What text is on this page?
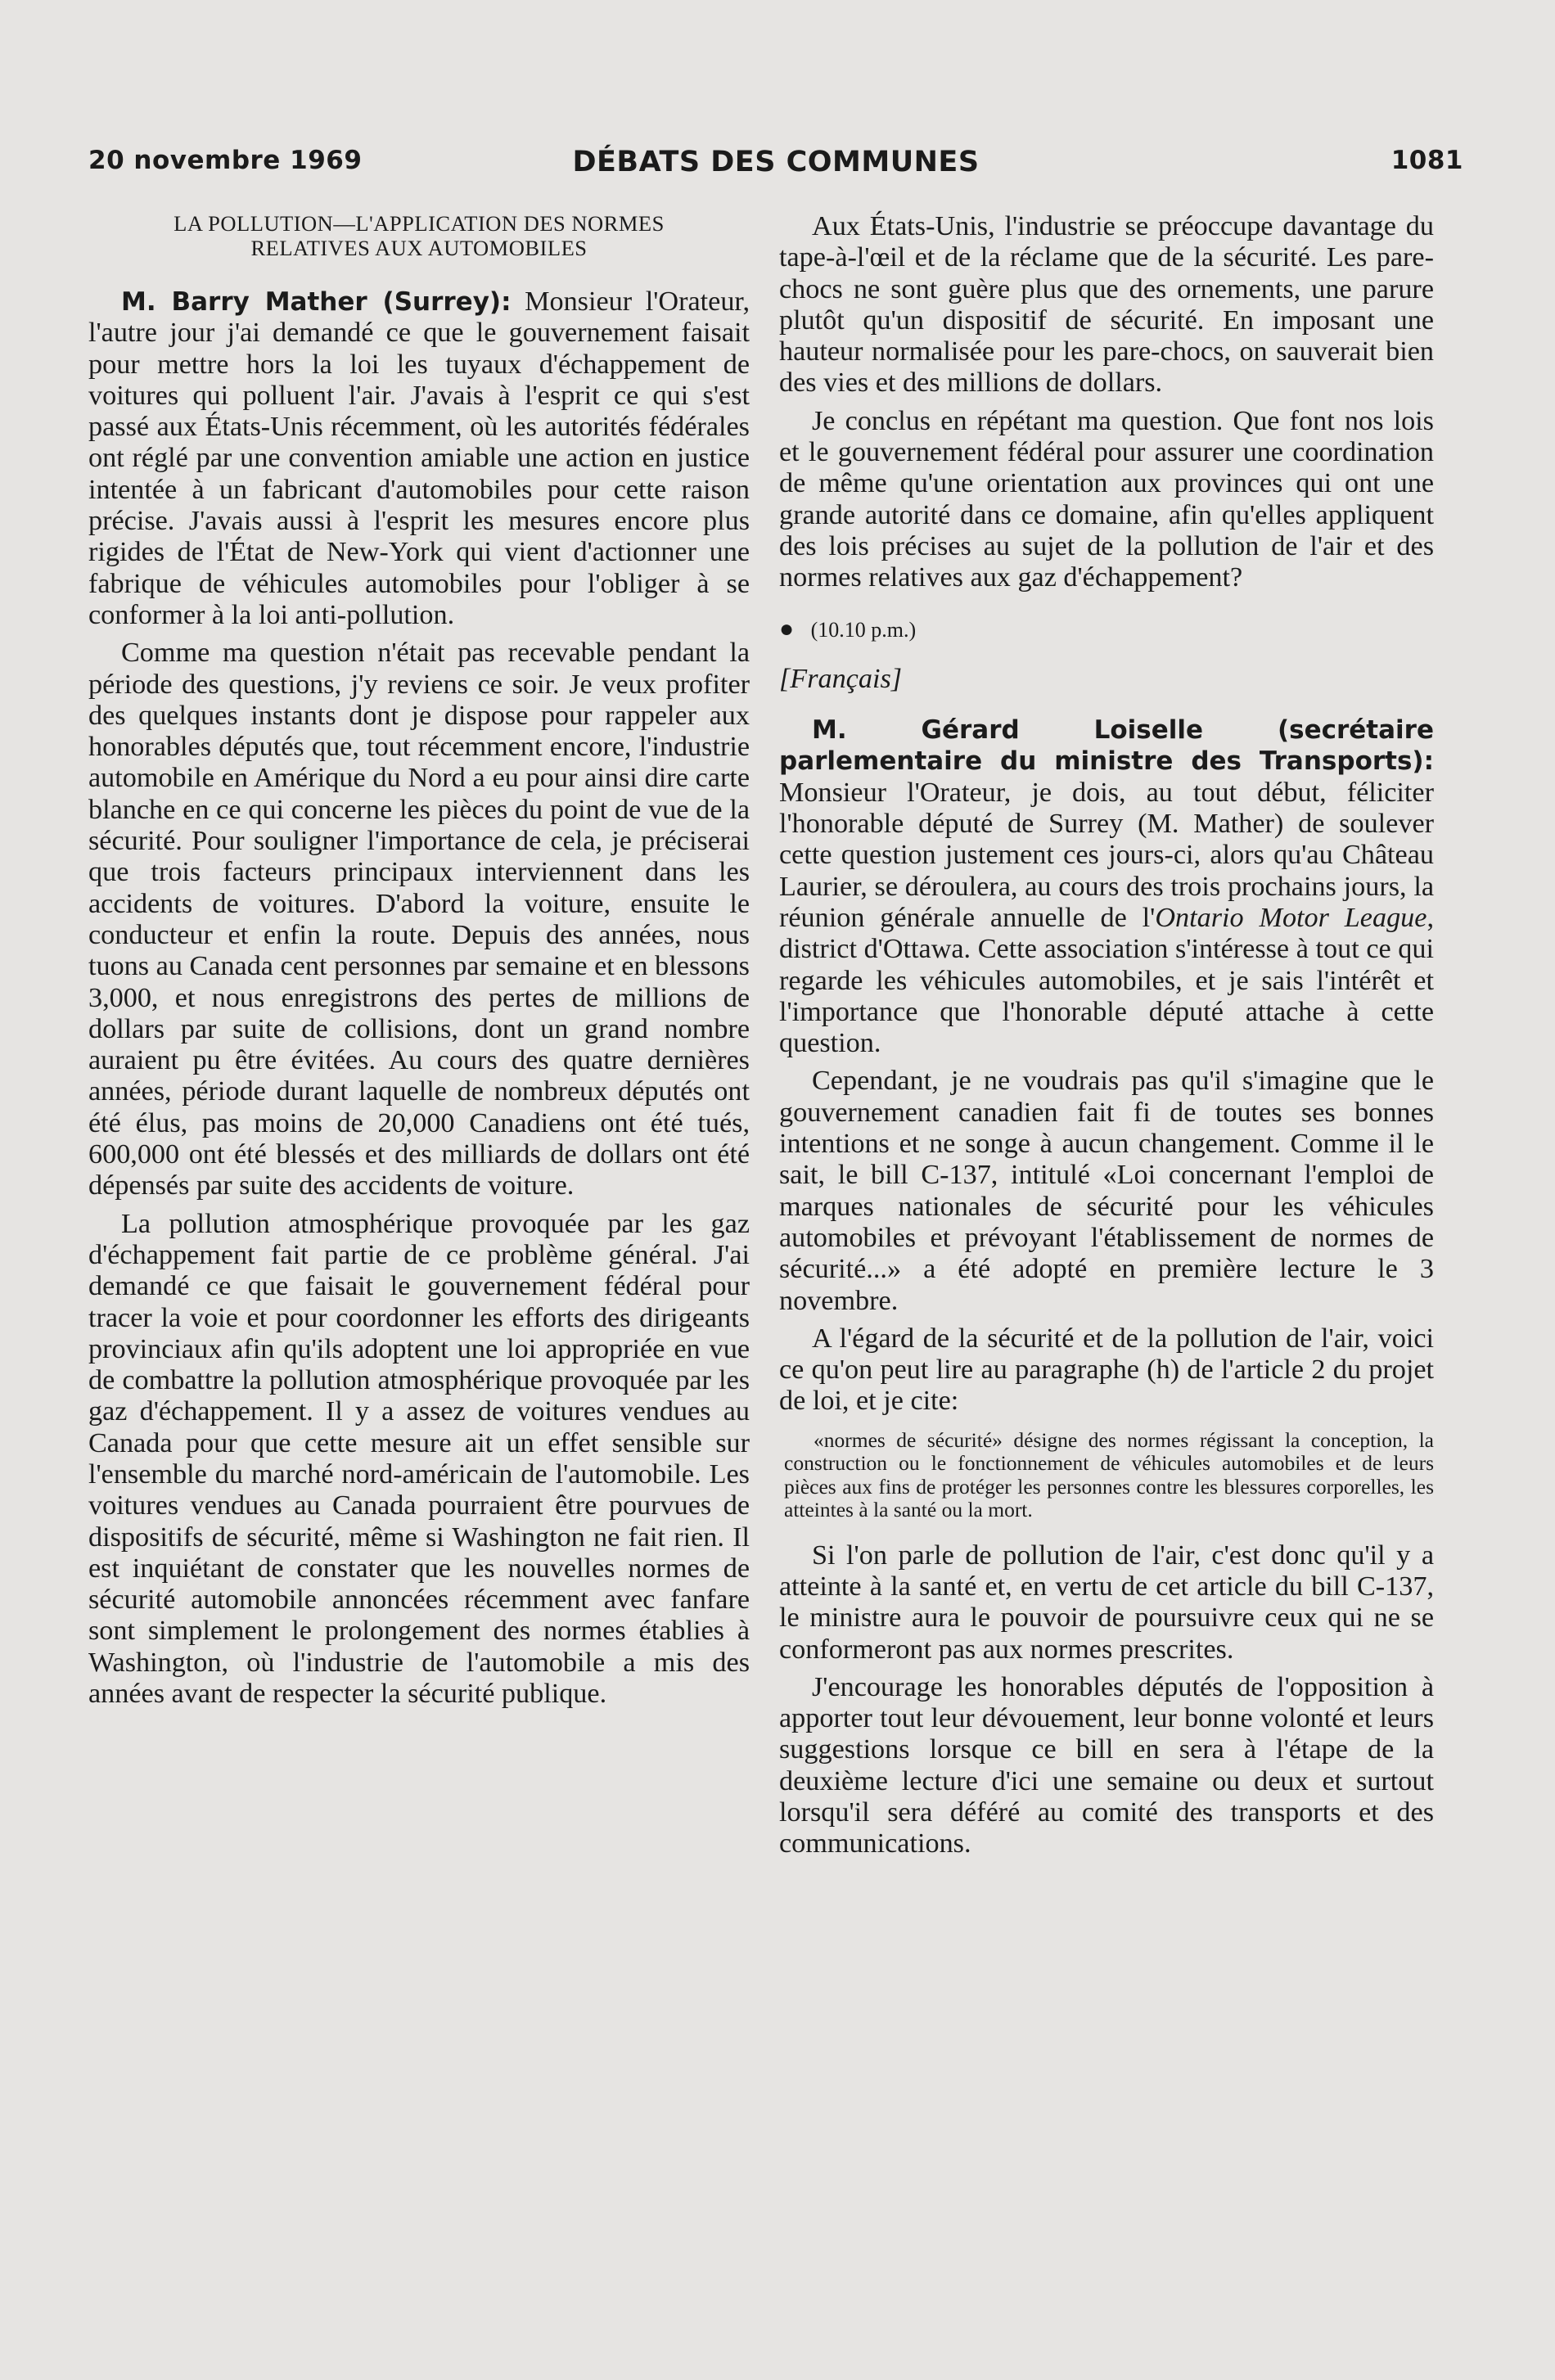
20 novembre 1969	DÉBATS DES COMMUNES	1081
LA POLLUTION—L'APPLICATION DES NORMES
RELATIVES AUX AUTOMOBILES

M. Barry Mather (Surrey): Monsieur l'Orateur, l'autre jour j'ai demandé ce que le gouvernement faisait pour mettre hors la loi les tuyaux d'échappement de voitures qui polluent l'air. J'avais à l'esprit ce qui s'est passé aux États-Unis récemment, où les autorités fédérales ont réglé par une convention amiable une action en justice intentée à un fabricant d'automobiles pour cette raison précise. J'avais aussi à l'esprit les mesures encore plus rigides de l'État de New-York qui vient d'actionner une fabrique de véhicules automobiles pour l'obliger à se conformer à la loi anti-pollution.

Comme ma question n'était pas recevable pendant la période des questions, j'y reviens ce soir. Je veux profiter des quelques instants dont je dispose pour rappeler aux honorables députés que, tout récemment encore, l'industrie automobile en Amérique du Nord a eu pour ainsi dire carte blanche en ce qui concerne les pièces du point de vue de la sécurité. Pour souligner l'importance de cela, je préciserai que trois facteurs principaux interviennent dans les accidents de voitures. D'abord la voiture, ensuite le conducteur et enfin la route. Depuis des années, nous tuons au Canada cent personnes par semaine et en blessons 3,000, et nous enregistrons des pertes de millions de dollars par suite de collisions, dont un grand nombre auraient pu être évitées. Au cours des quatre dernières années, période durant laquelle de nombreux députés ont été élus, pas moins de 20,000 Canadiens ont été tués, 600,000 ont été blessés et des milliards de dollars ont été dépensés par suite des accidents de voiture.

La pollution atmosphérique provoquée par les gaz d'échappement fait partie de ce problème général. J'ai demandé ce que faisait le gouvernement fédéral pour tracer la voie et pour coordonner les efforts des dirigeants provinciaux afin qu'ils adoptent une loi appropriée en vue de combattre la pollution atmosphérique provoquée par les gaz d'échappement. Il y a assez de voitures vendues au Canada pour que cette mesure ait un effet sensible sur l'ensemble du marché nord-américain de l'automobile. Les voitures vendues au Canada pourraient être pourvues de dispositifs de sécurité, même si Washington ne fait rien. Il est inquiétant de constater que les nouvelles normes de sécurité automobile annoncées récemment avec fanfare sont simplement le prolongement des normes établies à Washington, où l'industrie de l'automobile a mis des années avant de respecter la sécurité publique.

Aux États-Unis, l'industrie se préoccupe davantage du tape-à-l'œil et de la réclame que de la sécurité. Les pare-chocs ne sont guère plus que des ornements, une parure plutôt qu'un dispositif de sécurité. En imposant une hauteur normalisée pour les pare-chocs, on sauverait bien des vies et des millions de dollars.

Je conclus en répétant ma question. Que font nos lois et le gouvernement fédéral pour assurer une coordination de même qu'une orientation aux provinces qui ont une grande autorité dans ce domaine, afin qu'elles appliquent des lois précises au sujet de la pollution de l'air et des normes relatives aux gaz d'échappement?

● (10.10 p.m.)
[Français]

M. Gérard Loiselle (secrétaire parlementaire du ministre des Transports): Monsieur l'Orateur, je dois, au tout début, féliciter l'honorable député de Surrey (M. Mather) de soulever cette question justement ces jours-ci, alors qu'au Château Laurier, se déroulera, au cours des trois prochains jours, la réunion générale annuelle de l'Ontario Motor League, district d'Ottawa. Cette association s'intéresse à tout ce qui regarde les véhicules automobiles, et je sais l'intérêt et l'importance que l'honorable député attache à cette question.

Cependant, je ne voudrais pas qu'il s'imagine que le gouvernement canadien fait fi de toutes ses bonnes intentions et ne songe à aucun changement. Comme il le sait, le bill C-137, intitulé «Loi concernant l'emploi de marques nationales de sécurité pour les véhicules automobiles et prévoyant l'établissement de normes de sécurité...» a été adopté en première lecture le 3 novembre.

A l'égard de la sécurité et de la pollution de l'air, voici ce qu'on peut lire au paragraphe (h) de l'article 2 du projet de loi, et je cite:

«normes de sécurité» désigne des normes régissant la conception, la construction ou le fonctionnement de véhicules automobiles et de leurs pièces aux fins de protéger les personnes contre les blessures corporelles, les atteintes à la santé ou la mort.

Si l'on parle de pollution de l'air, c'est donc qu'il y a atteinte à la santé et, en vertu de cet article du bill C-137, le ministre aura le pouvoir de poursuivre ceux qui ne se conformeront pas aux normes prescrites.

J'encourage les honorables députés de l'opposition à apporter tout leur dévouement, leur bonne volonté et leurs suggestions lorsque ce bill en sera à l'étape de la deuxième lecture d'ici une semaine ou deux et surtout lorsqu'il sera déféré au comité des transports et des communications.
